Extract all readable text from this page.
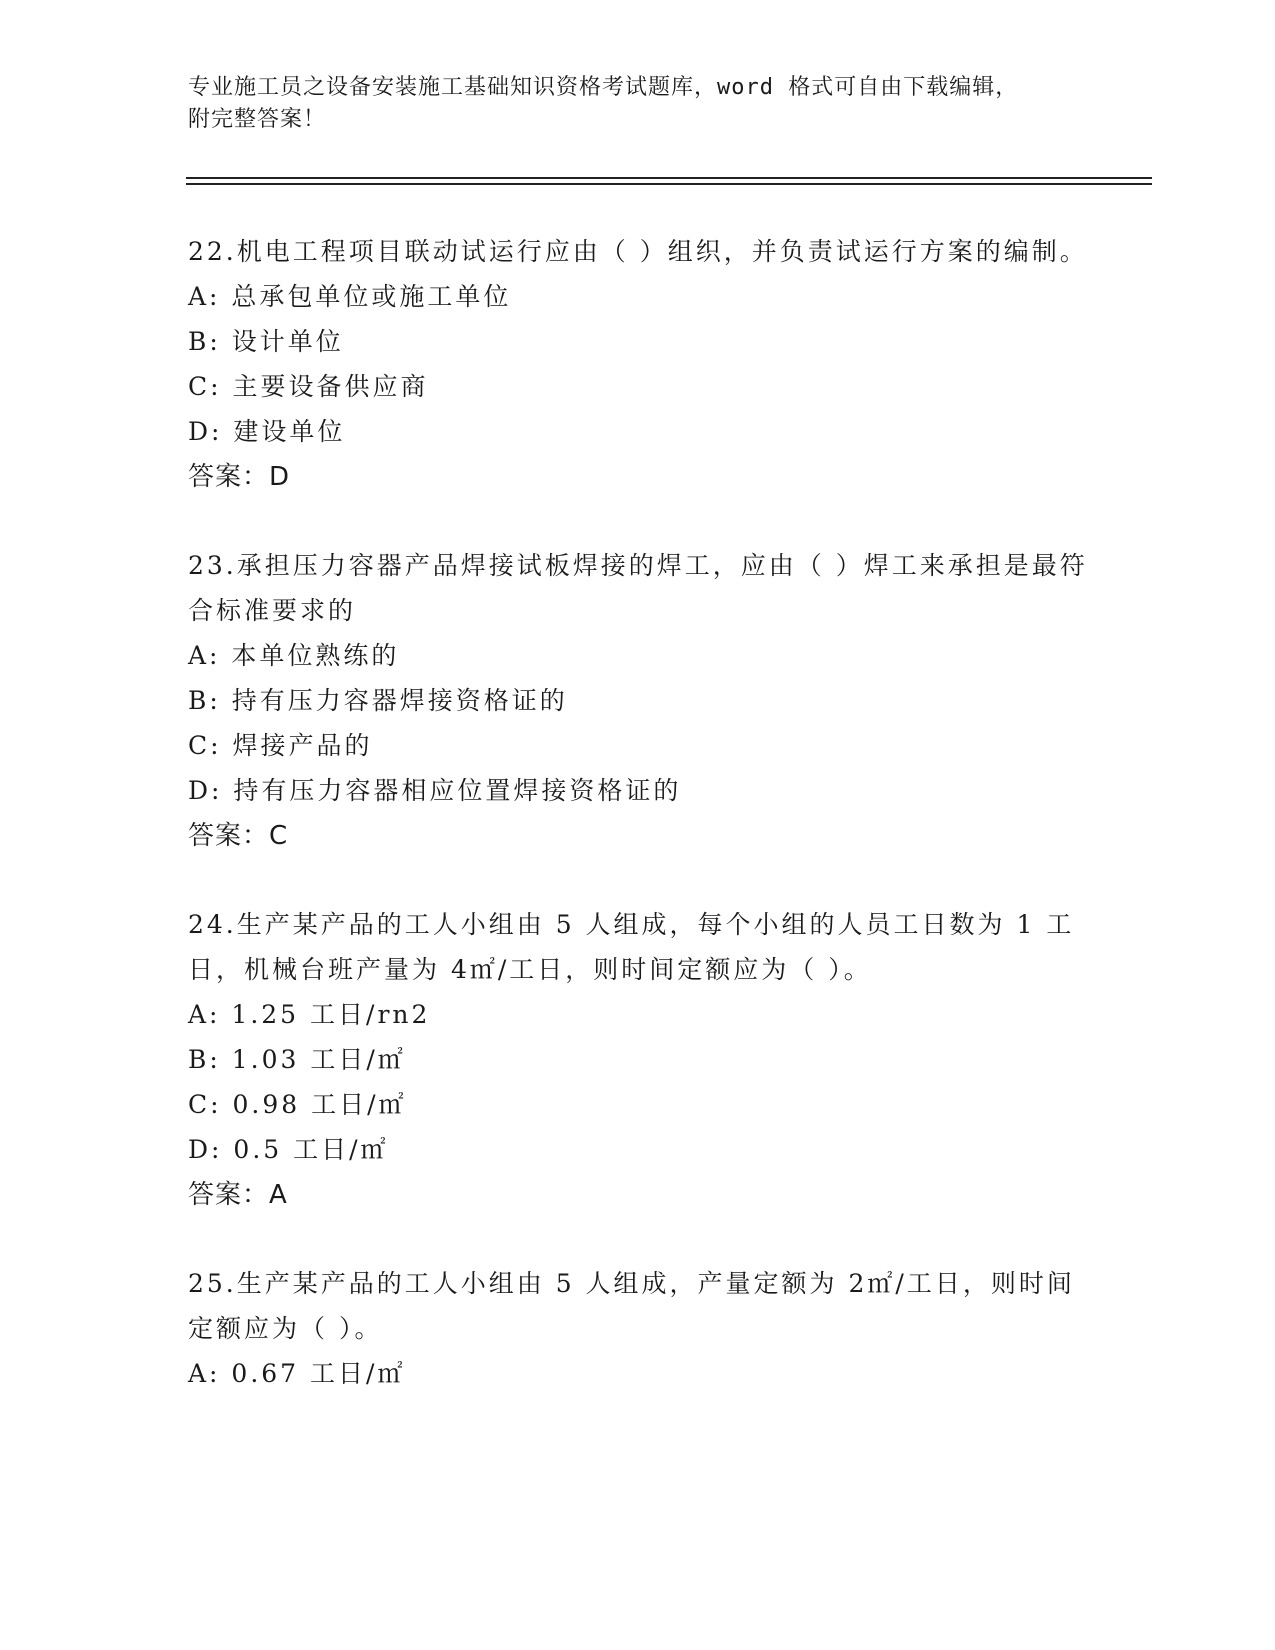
专业施工员之设备安装施工基础知识资格考试题库，word 格式可自由下载编辑，
附完整答案！

22.机电工程项目联动试运行应由（ ）组织，并负责试运行方案的编制。

A: 总承包单位或施工单位

B: 设计单位

C: 主要设备供应商

D: 建设单位

答案：D

23.承担压力容器产品焊接试板焊接的焊工，应由（ ）焊工来承担是最符合标准要求的

A: 本单位熟练的

B: 持有压力容器焊接资格证的

C: 焊接产品的

D: 持有压力容器相应位置焊接资格证的

答案：C

24.生产某产品的工人小组由 5 人组成，每个小组的人员工日数为 1 工日，机械台班产量为 4㎡/工日，则时间定额应为（ ）。

A: 1.25 工日/rn2

B: 1.03 工日/㎡

C: 0.98 工日/㎡

D: 0.5 工日/㎡

答案：A

25.生产某产品的工人小组由 5 人组成，产量定额为 2㎡/工日，则时间定额应为（ ）。

A: 0.67 工日/㎡
